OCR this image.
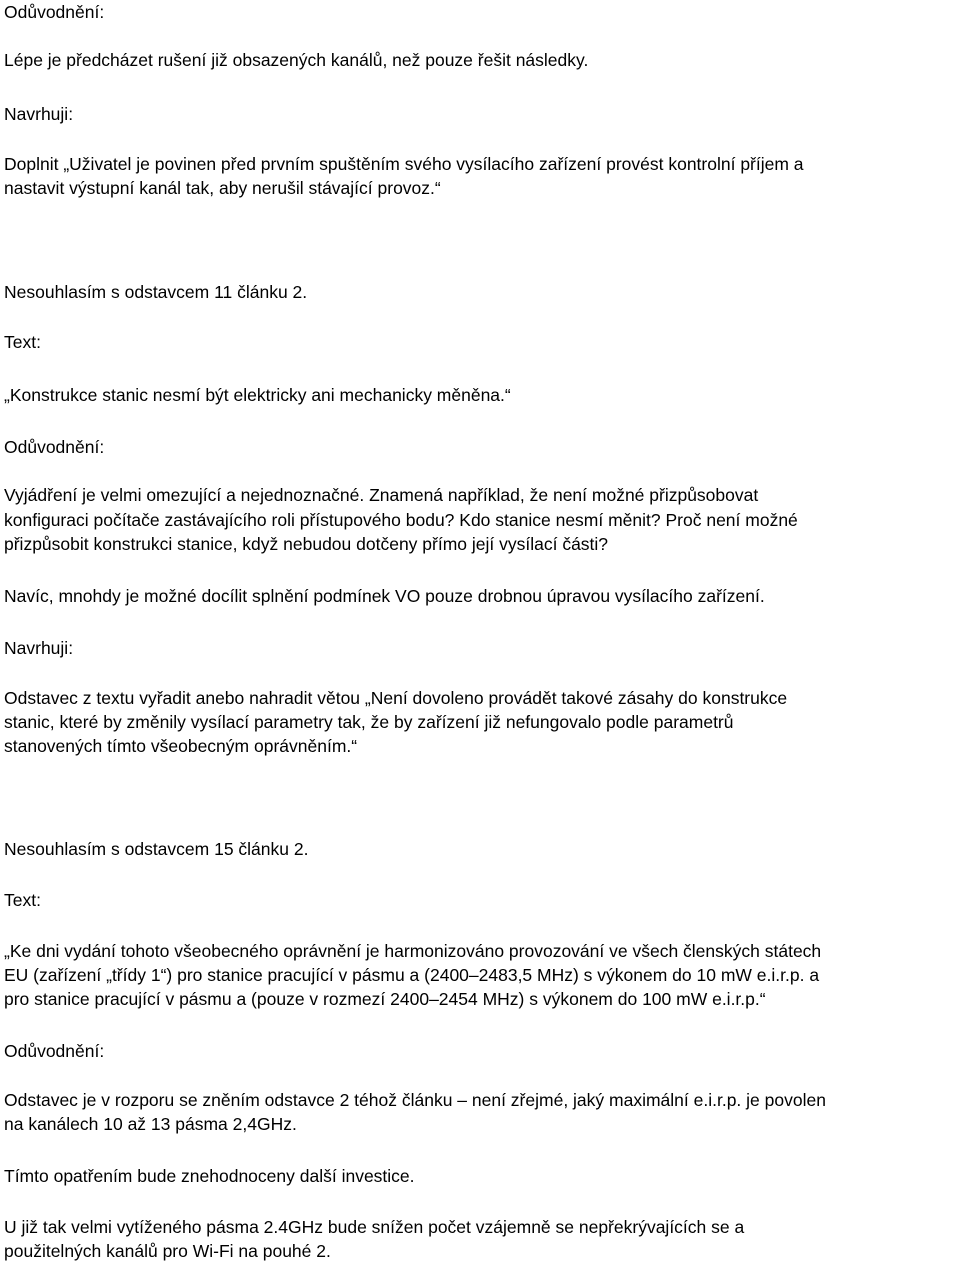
Odůvodnění:

Lépe je předcházet rušení již obsazených kanálů, než pouze řešit následky.

Navrhuji:

Doplnit „Uživatel je povinen před prvním spuštěním svého vysílacího zařízení provést kontrolní příjem a

nastavit výstupní kanál tak, aby nerušil stávající provoz.“

Nesouhlasím s odstavcem 11 článku 2.

Text:

„Konstrukce stanic nesmí být elektricky ani mechanicky měněna.“

Odůvodnění:

Vyjádření je velmi omezující a nejednoznačné. Znamená například, že není možné přizpůsobovat

konfiguraci počítače zastávajícího roli přístupového bodu? Kdo stanice nesmí měnit? Proč není možné

přizpůsobit konstrukci stanice, když nebudou dotčeny přímo její vysílací části?

Navíc, mnohdy je možné docílit splnění podmínek VO pouze drobnou úpravou vysílacího zařízení.

Navrhuji:

Odstavec z textu vyřadit anebo nahradit větou „Není dovoleno provádět takové zásahy do konstrukce

stanic, které by změnily vysílací parametry tak, že by zařízení již nefungovalo podle parametrů

stanovených tímto všeobecným oprávněním.“

Nesouhlasím s odstavcem 15 článku 2.

Text:

„Ke dni vydání tohoto všeobecného oprávnění je harmonizováno provozování ve všech členských státech

EU (zařízení „třídy 1“) pro stanice pracující v pásmu a (2400–2483,5 MHz) s výkonem do 10 mW e.i.r.p. a

pro stanice pracující v pásmu a (pouze v rozmezí 2400–2454 MHz) s výkonem do 100 mW e.i.r.p.“

Odůvodnění:

Odstavec je v rozporu se zněním odstavce 2 téhož článku – není zřejmé, jaký maximální e.i.r.p. je povolen

na kanálech 10 až 13 pásma 2,4GHz.

Tímto opatřením bude znehodnoceny další investice.

U již tak velmi vytíženého pásma 2.4GHz bude snížen počet vzájemně se nepřekrývajících se a

použitelných kanálů pro Wi-Fi na pouhé 2.
